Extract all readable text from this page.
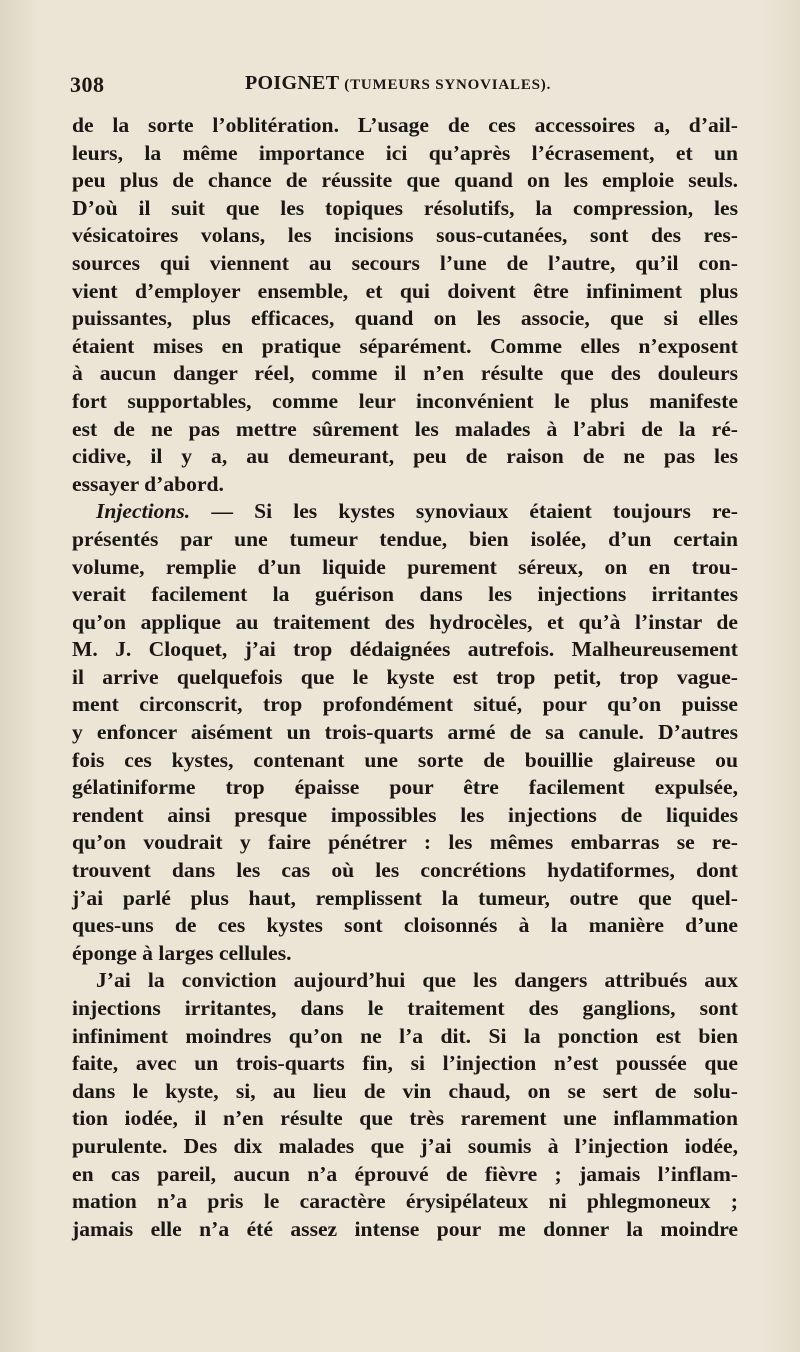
308	POIGNET (TUMEURS SYNOVIALES).
de la sorte l’oblitération. L’usage de ces accessoires a, d’ail-
leurs, la même importance ici qu’après l’écrasement, et un
peu plus de chance de réussite que quand on les emploie seuls.
D’où il suit que les topiques résolutifs, la compression, les
vésicatoires volans, les incisions sous-cutanées, sont des res-
sources qui viennent au secours l’une de l’autre, qu’il con-
vient d’employer ensemble, et qui doivent être infiniment plus
puissantes, plus efficaces, quand on les associe, que si elles
étaient mises en pratique séparément. Comme elles n’exposent
à aucun danger réel, comme il n’en résulte que des douleurs
fort supportables, comme leur inconvénient le plus manifeste
est de ne pas mettre sûrement les malades à l’abri de la ré-
cidive, il y a, au demeurant, peu de raison de ne pas les
essayer d’abord.
Injections. — Si les kystes synoviaux étaient toujours re-
présentés par une tumeur tendue, bien isolée, d’un certain
volume, remplie d’un liquide purement séreux, on en trou-
verait facilement la guérison dans les injections irritantes
qu’on applique au traitement des hydrocèles, et qu’à l’instar de
M. J. Cloquet, j’ai trop dédaignées autrefois. Malheureusement
il arrive quelquefois que le kyste est trop petit, trop vague-
ment circonscrit, trop profondément situé, pour qu’on puisse
y enfoncer aisément un trois-quarts armé de sa canule. D’autres
fois ces kystes, contenant une sorte de bouillie glaireuse ou
gélatiniforme trop épaisse pour être facilement expulsée,
rendent ainsi presque impossibles les injections de liquides
qu’on voudrait y faire pénétrer : les mêmes embarras se re-
trouvent dans les cas où les concrétions hydatiformes, dont
j’ai parlé plus haut, remplissent la tumeur, outre que quel-
ques-uns de ces kystes sont cloisonnés à la manière d’une
éponge à larges cellules.
J’ai la conviction aujourd’hui que les dangers attribués aux
injections irritantes, dans le traitement des ganglions, sont
infiniment moindres qu’on ne l’a dit. Si la ponction est bien
faite, avec un trois-quarts fin, si l’injection n’est poussée que
dans le kyste, si, au lieu de vin chaud, on se sert de solu-
tion iodée, il n’en résulte que très rarement une inflammation
purulente. Des dix malades que j’ai soumis à l’injection iodée,
en cas pareil, aucun n’a éprouvé de fièvre ; jamais l’inflam-
mation n’a pris le caractère érysipélateux ni phlegmoneux ;
jamais elle n’a été assez intense pour me donner la moindre
